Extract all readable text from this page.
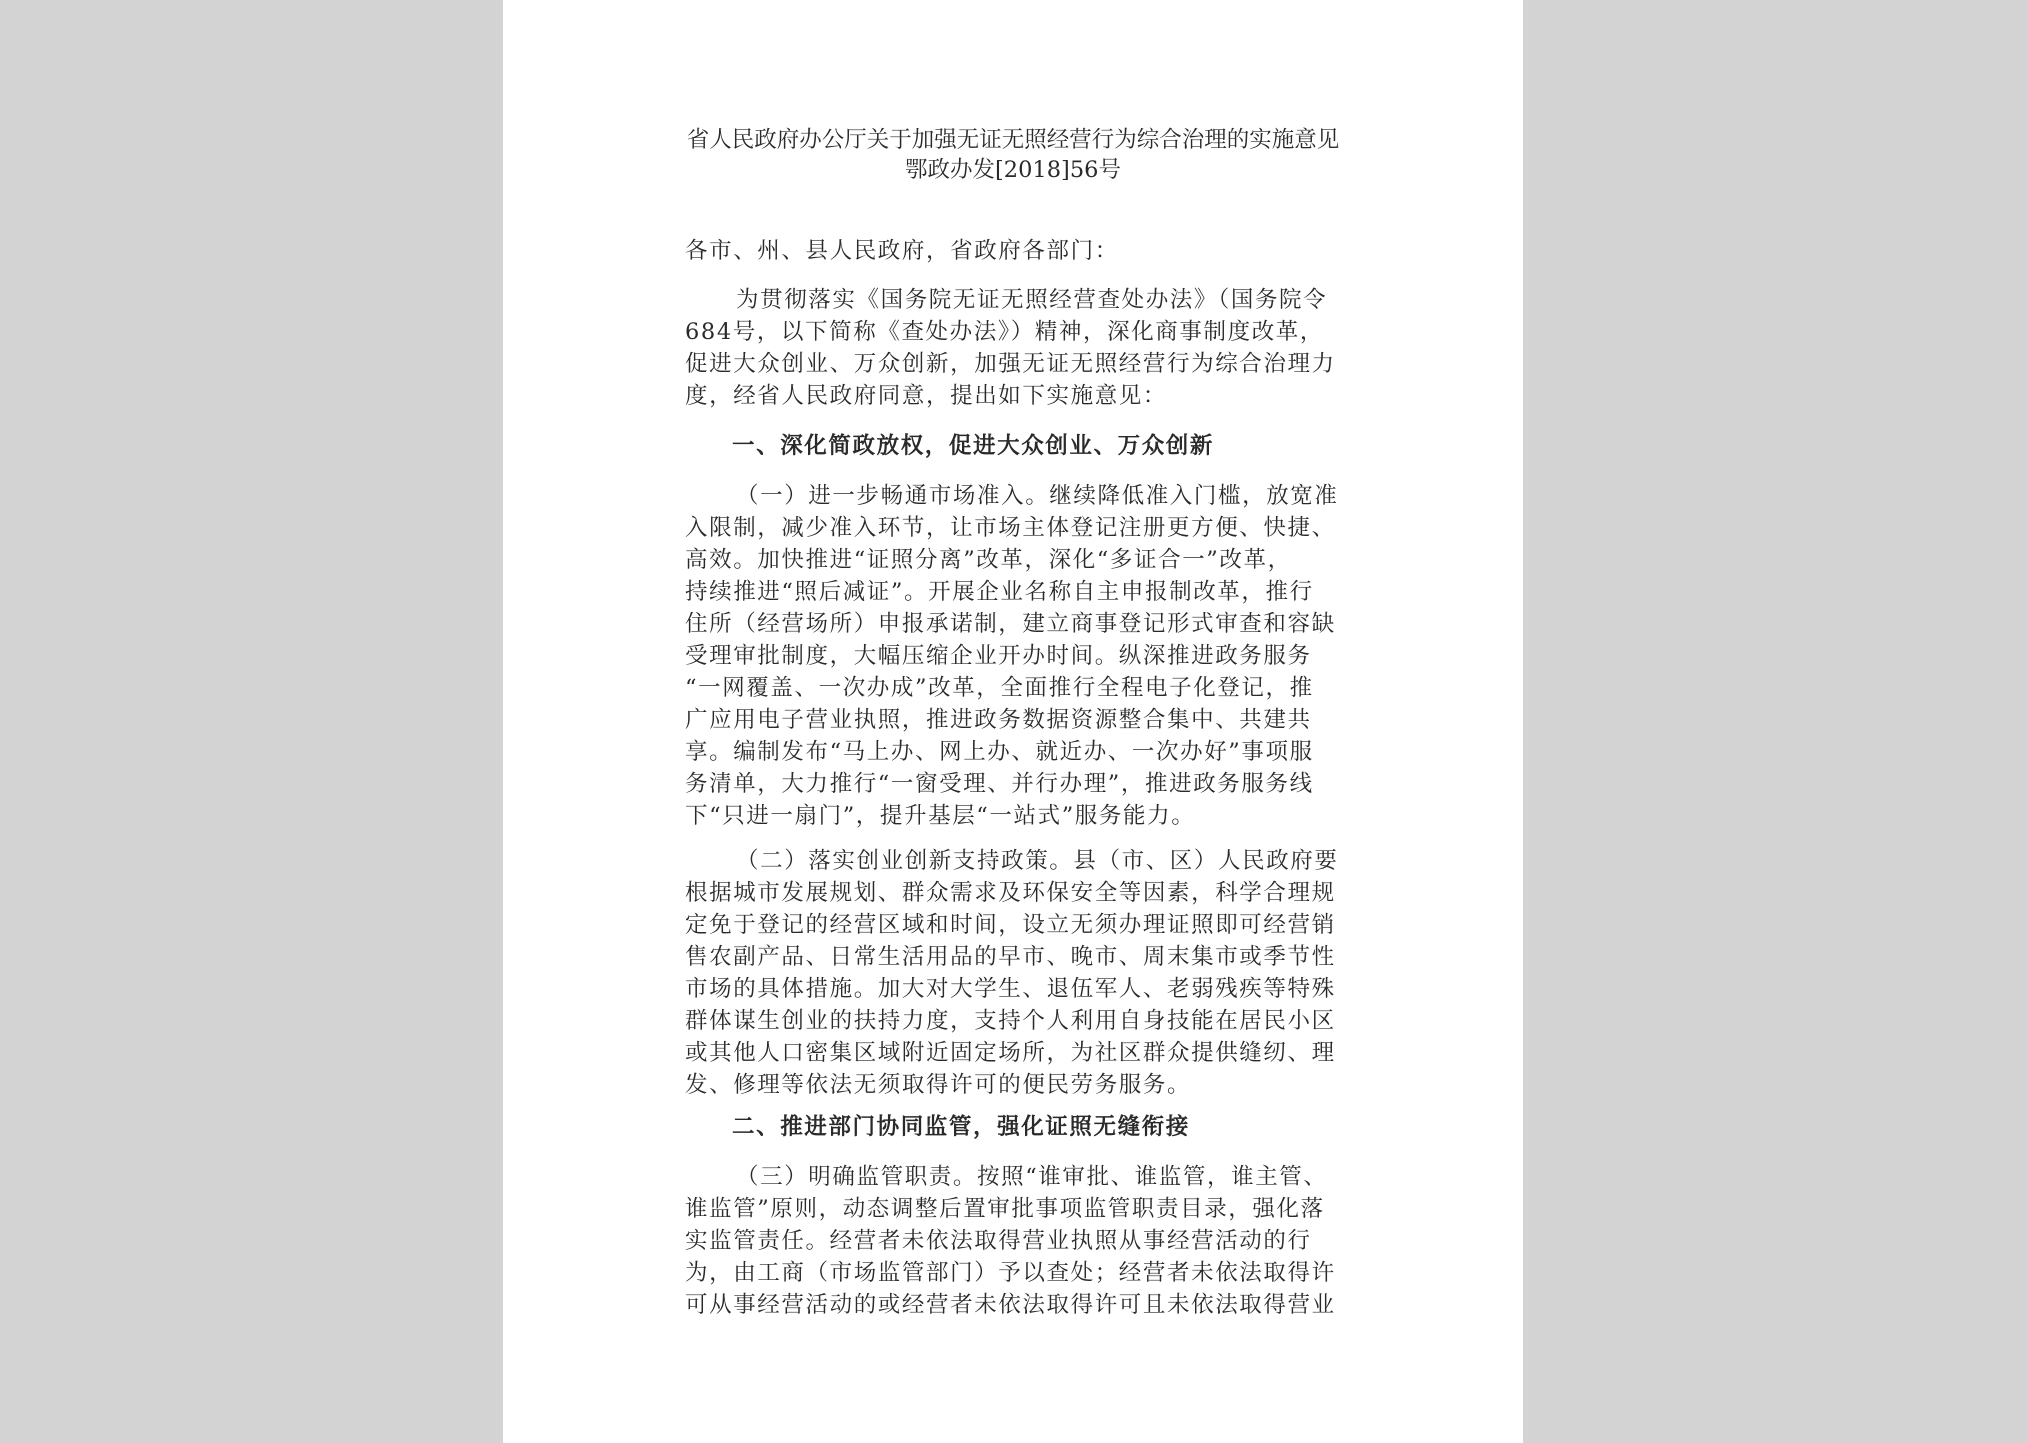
省人民政府办公厅关于加强无证无照经营行为综合治理的实施意见
鄂政办发[2018]56号
各市、州、县人民政府，省政府各部门：
为贯彻落实《国务院无证无照经营查处办法》（国务院令
684号，以下简称《查处办法》）精神，深化商事制度改革，
促进大众创业、万众创新，加强无证无照经营行为综合治理力
度，经省人民政府同意，提出如下实施意见：
一、深化简政放权，促进大众创业、万众创新
（一）进一步畅通市场准入。继续降低准入门槛，放宽准
入限制，减少准入环节，让市场主体登记注册更方便、快捷、
高效。加快推进“证照分离”改革，深化“多证合一”改革，
持续推进“照后减证”。开展企业名称自主申报制改革，推行
住所（经营场所）申报承诺制，建立商事登记形式审查和容缺
受理审批制度，大幅压缩企业开办时间。纵深推进政务服务
“一网覆盖、一次办成”改革，全面推行全程电子化登记，推
广应用电子营业执照，推进政务数据资源整合集中、共建共
享。编制发布“马上办、网上办、就近办、一次办好”事项服
务清单，大力推行“一窗受理、并行办理”，推进政务服务线
下“只进一扇门”，提升基层“一站式”服务能力。
（二）落实创业创新支持政策。县（市、区）人民政府要
根据城市发展规划、群众需求及环保安全等因素，科学合理规
定免于登记的经营区域和时间，设立无须办理证照即可经营销
售农副产品、日常生活用品的早市、晚市、周末集市或季节性
市场的具体措施。加大对大学生、退伍军人、老弱残疾等特殊
群体谋生创业的扶持力度，支持个人利用自身技能在居民小区
或其他人口密集区域附近固定场所，为社区群众提供缝纫、理
发、修理等依法无须取得许可的便民劳务服务。
二、推进部门协同监管，强化证照无缝衔接
（三）明确监管职责。按照“谁审批、谁监管，谁主管、
谁监管”原则，动态调整后置审批事项监管职责目录，强化落
实监管责任。经营者未依法取得营业执照从事经营活动的行
为，由工商（市场监管部门）予以查处；经营者未依法取得许
可从事经营活动的或经营者未依法取得许可且未依法取得营业
